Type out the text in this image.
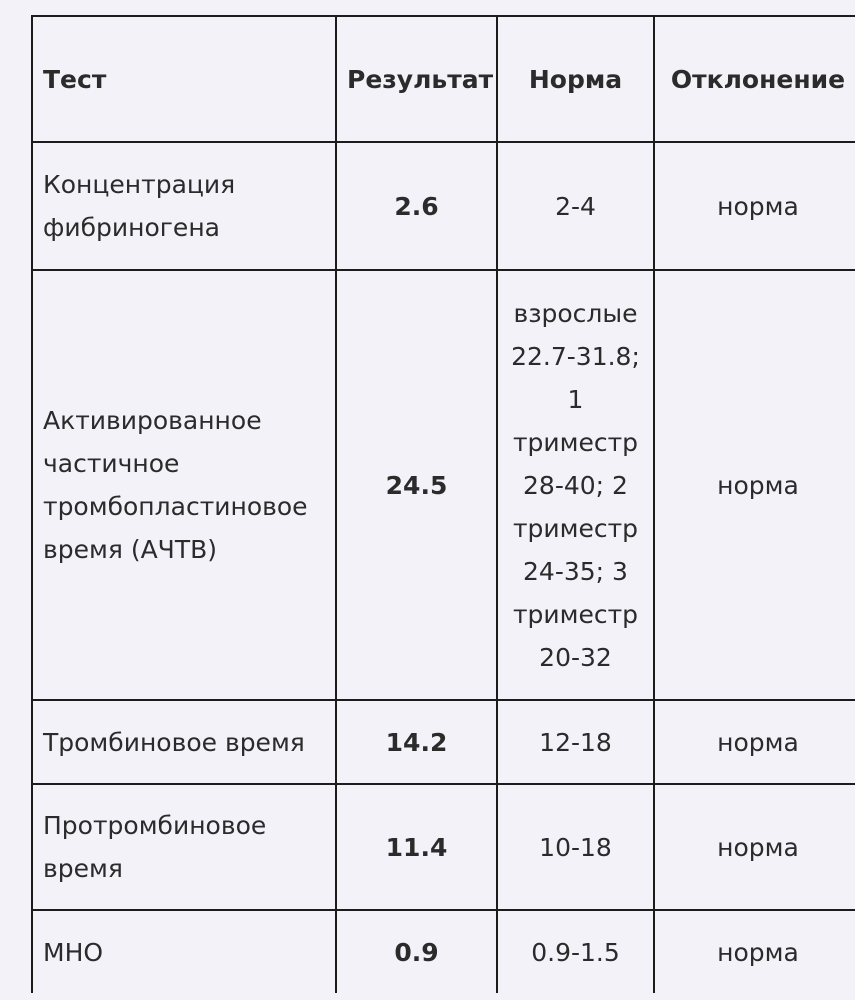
Тест	Результат	Норма	Отклонение
Концентрация фибриногена	2.6	2-4	норма
Активированное частичное тромбопластиновое время (АЧТВ)	24.5	взрослые 22.7-31.8; 1 триместр 28-40; 2 триместр 24-35; 3 триместр 20-32	норма
Тромбиновое время	14.2	12-18	норма
Протромбиновое время	11.4	10-18	норма
МНО	0.9	0.9-1.5	норма
